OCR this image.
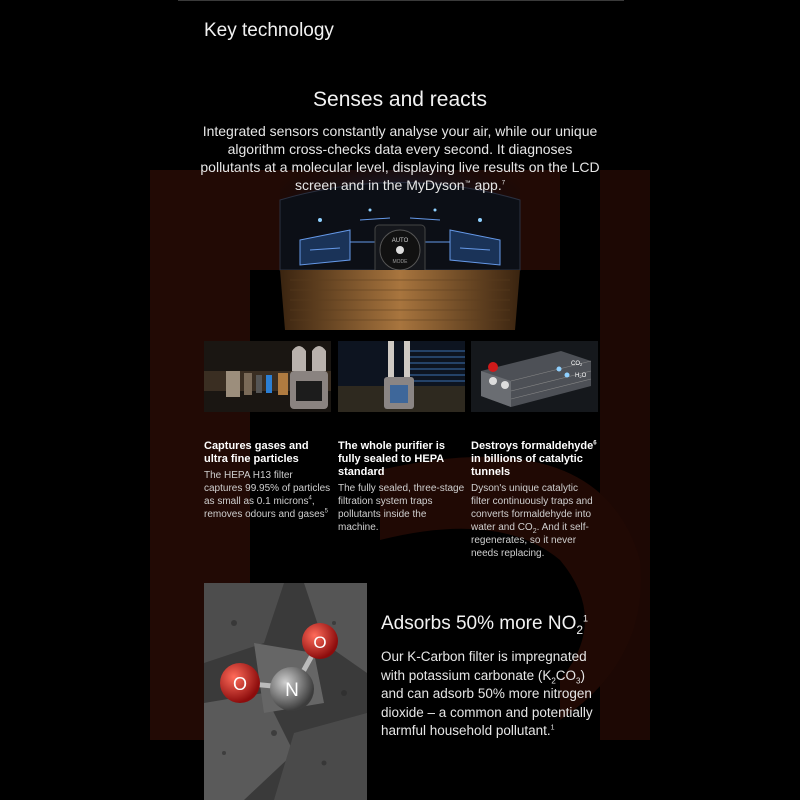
Key technology
Senses and reacts

Integrated sensors constantly analyse your air, while our unique algorithm cross-checks data every second. It diagnoses pollutants at a molecular level, displaying live results on the LCD screen and in the MyDyson™ app.$^7$

AUTO
MODE
CO2
H2O

Captures gases and ultra fine particles

The HEPA H13 filter captures 99.95% of particles as small as 0.1 microns$^4$, removes odours and gases$^5$

The whole purifier is fully sealed to HEPA standard

The fully sealed, three-stage filtration system traps pollutants inside the machine.

Destroys formaldehyde$^6$ in billions of catalytic tunnels

Dyson's unique catalytic filter continuously traps and converts formaldehyde into water and $CO_2$. And it self-regenerates, so it never needs replacing.

O
O
N
Adsorbs 50% more $NO_2^1$

Our K-Carbon filter is impregnated with potassium carbonate $(K_2CO_3)$ and can adsorb 50% more nitrogen dioxide – a common and potentially harmful household pollutant.$^1$
